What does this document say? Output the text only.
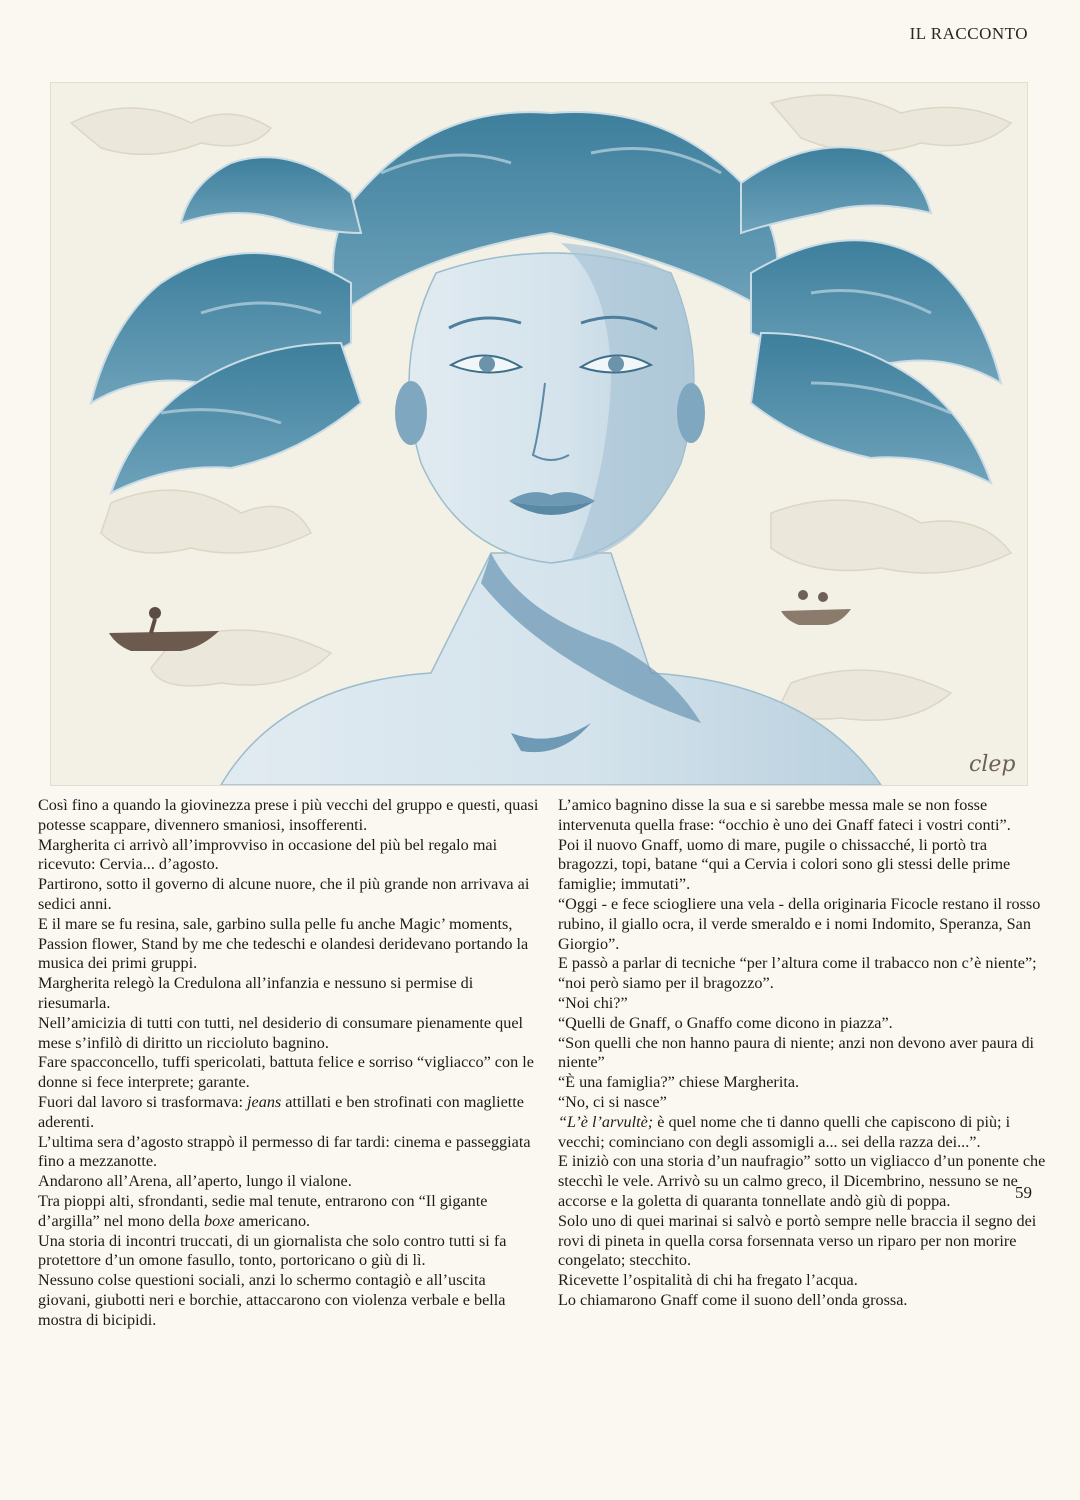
IL RACCONTO
clep

Così fino a quando la giovinezza prese i più vecchi del gruppo e questi, quasi potesse scappare, divennero smaniosi, insofferenti.

Margherita ci arrivò all’improvviso in occasione del più bel regalo mai ricevuto: Cervia... d’agosto.

Partirono, sotto il governo di alcune nuore, che il più grande non arrivava ai sedici anni.

E il mare se fu resina, sale, garbino sulla pelle fu anche Magic’ moments, Passion flower, Stand by me che tedeschi e olandesi deridevano portando la musica dei primi gruppi.

Margherita relegò la Credulona all’infanzia e nessuno si permise di riesumarla.

Nell’amicizia di tutti con tutti, nel desiderio di consumare pienamente quel mese s’infilò di diritto un riccioluto bagnino.

Fare spacconcello, tuffi spericolati, battuta felice e sorriso “vigliacco” con le donne si fece interprete; garante.

Fuori dal lavoro si trasformava: jeans attillati e ben strofinati con magliette aderenti.

L’ultima sera d’agosto strappò il permesso di far tardi: cinema e passeggiata fino a mezzanotte.

Andarono all’Arena, all’aperto, lungo il vialone.

Tra pioppi alti, sfrondanti, sedie mal tenute, entrarono con “Il gigante d’argilla” nel mono della boxe americano.

Una storia di incontri truccati, di un giornalista che solo contro tutti si fa protettore d’un omone fasullo, tonto, portoricano o giù di lì.

Nessuno colse questioni sociali, anzi lo schermo contagiò e all’uscita giovani, giubotti neri e borchie, attaccarono con violenza verbale e bella mostra di bicipidi.

L’amico bagnino disse la sua e si sarebbe messa male se non fosse intervenuta quella frase: “occhio è uno dei Gnaff fateci i vostri conti”.

Poi il nuovo Gnaff, uomo di mare, pugile o chissacché, li portò tra bragozzi, topi, batane “qui a Cervia i colori sono gli stessi delle prime famiglie; immutati”.

“Oggi - e fece sciogliere una vela - della originaria Ficocle restano il rosso rubino, il giallo ocra, il verde smeraldo e i nomi Indomito, Speranza, San Giorgio”.

E passò a parlar di tecniche “per l’altura come il trabacco non c’è niente”; “noi però siamo per il bragozzo”.

“Noi chi?”

“Quelli de Gnaff, o Gnaffo come dicono in piazza”.

“Son quelli che non hanno paura di niente; anzi non devono aver paura di niente”

“È una famiglia?” chiese Margherita.

“No, ci si nasce”

“L’è l’arvultè; è quel nome che ti danno quelli che capiscono di più; i vecchi; cominciano con degli assomigli a... sei della razza dei...”.

E iniziò con una storia d’un naufragio” sotto un vigliacco d’un ponente che stecchì le vele. Arrivò su un calmo greco, il Dicembrino, nessuno se ne accorse e la goletta di quaranta tonnellate andò giù di poppa.

Solo uno di quei marinai si salvò e portò sempre nelle braccia il segno dei rovi di pineta in quella corsa forsennata verso un riparo per non morire congelato; stecchito.

Ricevette l’ospitalità di chi ha fregato l’acqua.

Lo chiamarono Gnaff come il suono dell’onda grossa.

59
